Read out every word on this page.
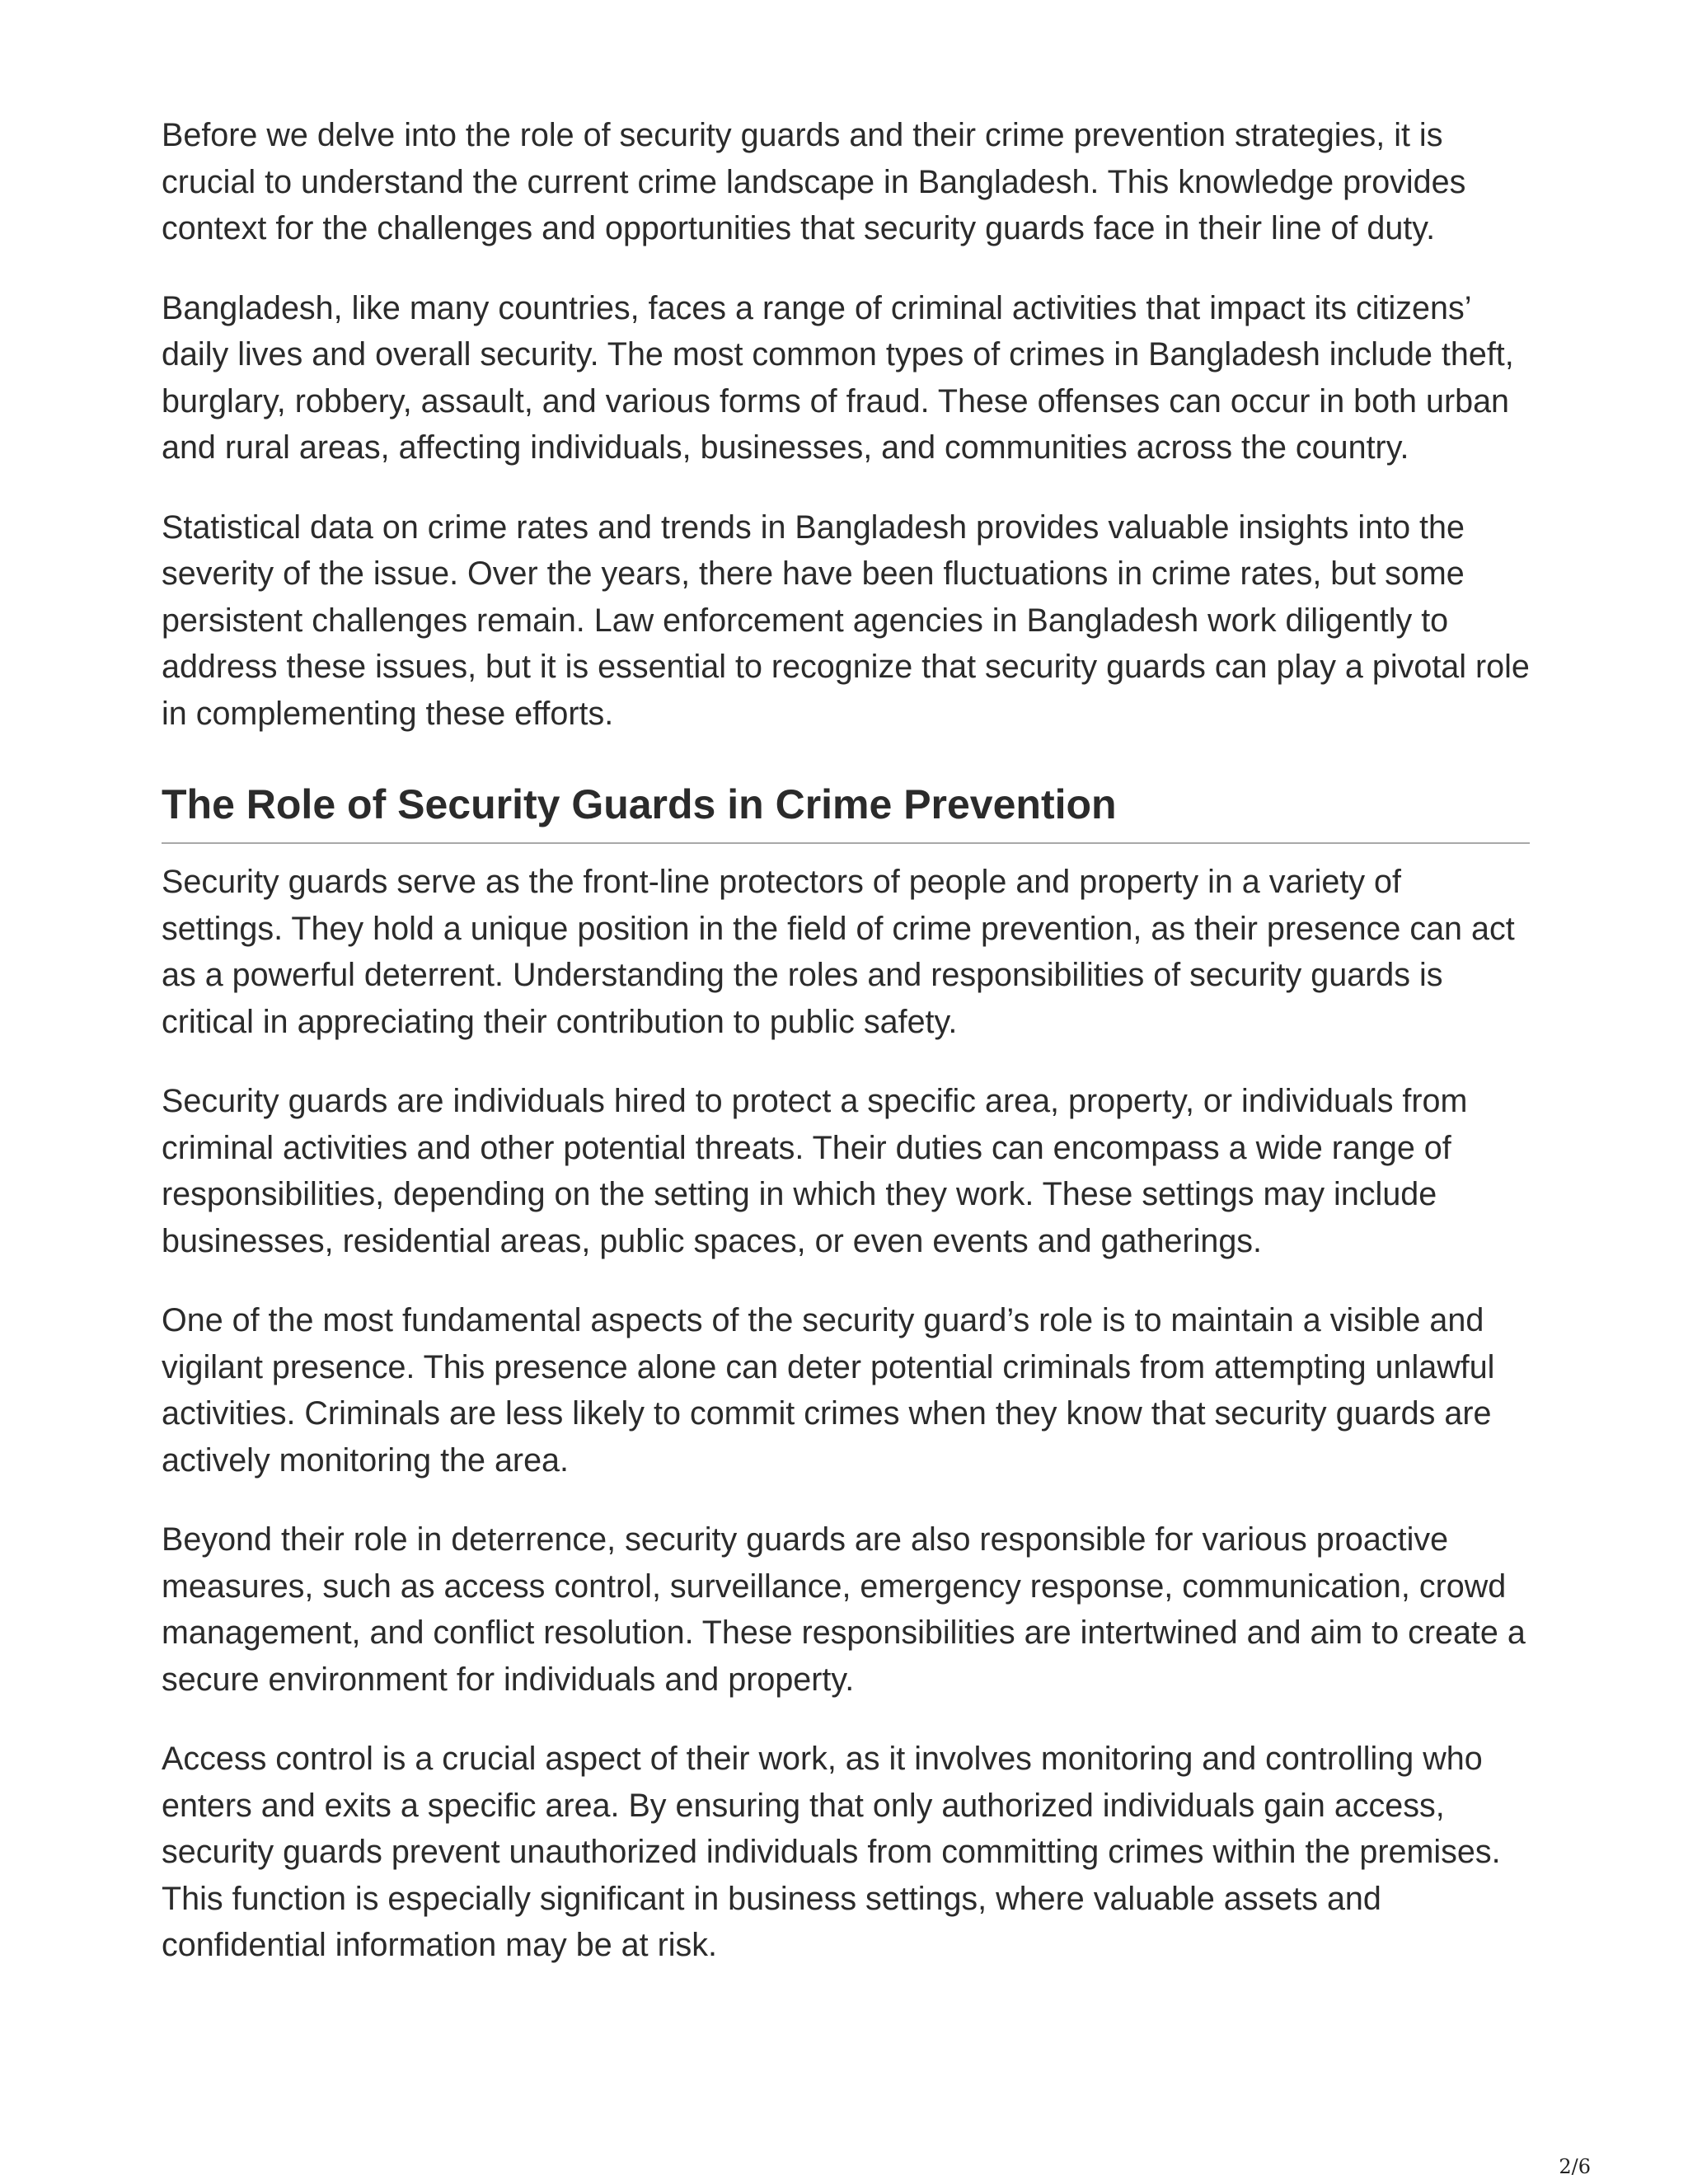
Before we delve into the role of security guards and their crime prevention strategies, it is crucial to understand the current crime landscape in Bangladesh. This knowledge provides context for the challenges and opportunities that security guards face in their line of duty.

Bangladesh, like many countries, faces a range of criminal activities that impact its citizens’ daily lives and overall security. The most common types of crimes in Bangladesh include theft, burglary, robbery, assault, and various forms of fraud. These offenses can occur in both urban and rural areas, affecting individuals, businesses, and communities across the country.

Statistical data on crime rates and trends in Bangladesh provides valuable insights into the severity of the issue. Over the years, there have been fluctuations in crime rates, but some persistent challenges remain. Law enforcement agencies in Bangladesh work diligently to address these issues, but it is essential to recognize that security guards can play a pivotal role in complementing these efforts.

The Role of Security Guards in Crime Prevention

Security guards serve as the front-line protectors of people and property in a variety of settings. They hold a unique position in the field of crime prevention, as their presence can act as a powerful deterrent. Understanding the roles and responsibilities of security guards is critical in appreciating their contribution to public safety.

Security guards are individuals hired to protect a specific area, property, or individuals from criminal activities and other potential threats. Their duties can encompass a wide range of responsibilities, depending on the setting in which they work. These settings may include businesses, residential areas, public spaces, or even events and gatherings.

One of the most fundamental aspects of the security guard’s role is to maintain a visible and vigilant presence. This presence alone can deter potential criminals from attempting unlawful activities. Criminals are less likely to commit crimes when they know that security guards are actively monitoring the area.

Beyond their role in deterrence, security guards are also responsible for various proactive measures, such as access control, surveillance, emergency response, communication, crowd management, and conflict resolution. These responsibilities are intertwined and aim to create a secure environment for individuals and property.

Access control is a crucial aspect of their work, as it involves monitoring and controlling who enters and exits a specific area. By ensuring that only authorized individuals gain access, security guards prevent unauthorized individuals from committing crimes within the premises. This function is especially significant in business settings, where valuable assets and confidential information may be at risk.

2/6
